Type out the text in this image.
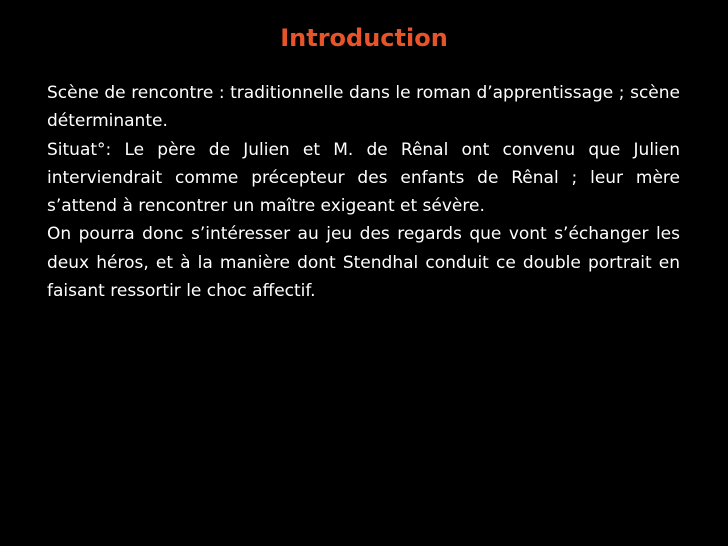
Introduction

Scène de rencontre : traditionnelle dans le roman d’apprentissage ; scène déterminante.

Situat°: Le père de Julien et M. de Rênal ont convenu que Julien interviendrait comme précepteur des enfants de Rênal ; leur mère s’attend à rencontrer un maître exigeant et sévère.

On pourra donc s’intéresser au jeu des regards que vont s’échanger les deux héros, et à la manière dont Stendhal conduit ce double portrait en faisant ressortir le choc affectif.
